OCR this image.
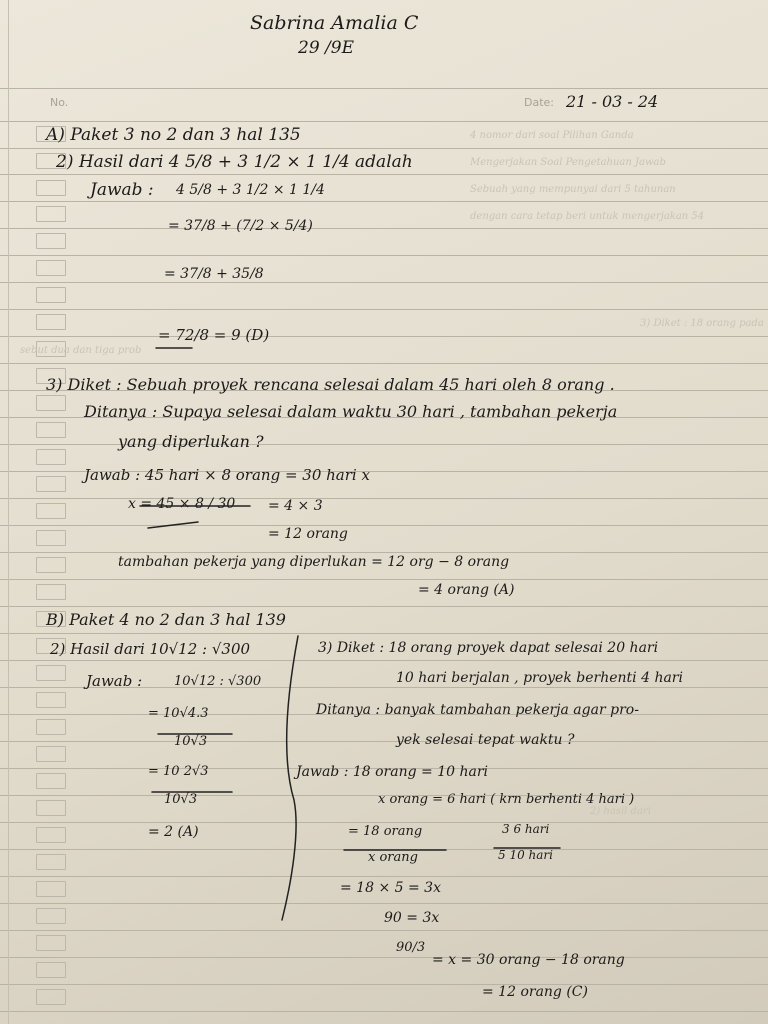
4 nomor dari soal Pilihan Ganda
Mengerjakan Soal Pengetahuan Jawab
Sebuah yang mempunyai dari 5 tahunan
dengan cara tetap beri untuk mengerjakan 54
3) Diket : 18 orang pada
sebut dua dan tiga prob
2) hasil dari
Sabrina Amalia C
29 /9E
No.	Date: 21 - 03 - 24
A) Paket 3 no 2 dan 3 hal 135
2) Hasil dari 4 5/8 + 3 1/2 × 1 1/4 adalah
Jawab : 4 5/8 + 3 1/2 × 1 1/4
= 37/8 + (7/2 × 5/4)
= 37/8 + 35/8
= 72/8 = 9 (D)
3) Diket : Sebuah proyek rencana selesai dalam 45 hari oleh 8 orang .
Ditanya : Supaya selesai dalam waktu 30 hari , tambahan pekerja
yang diperlukan ?
Jawab : 45 hari × 8 orang = 30 hari x
x = 45 × 8 / 30 = 4 × 3
= 12 orang
tambahan pekerja yang diperlukan = 12 org − 8 orang
= 4 orang (A)
B) Paket 4 no 2 dan 3 hal 139
2) Hasil dari 10√12 : √300
Jawab : 10√12 : √300
= 10√4.3
10√3
= 10 2√3
10√3
= 2 (A)
3) Diket : 18 orang proyek dapat selesai 20 hari
10 hari berjalan , proyek berhenti 4 hari
Ditanya : banyak tambahan pekerja agar pro-
yek selesai tepat waktu ?
Jawab : 18 orang = 10 hari
x orang = 6 hari ( krn berhenti 4 hari )
= 18 orang
x orang
3 6 hari
5 10 hari
= 18 × 5 = 3x
90 = 3x
90/3
= x = 30 orang − 18 orang
= 12 orang (C)
